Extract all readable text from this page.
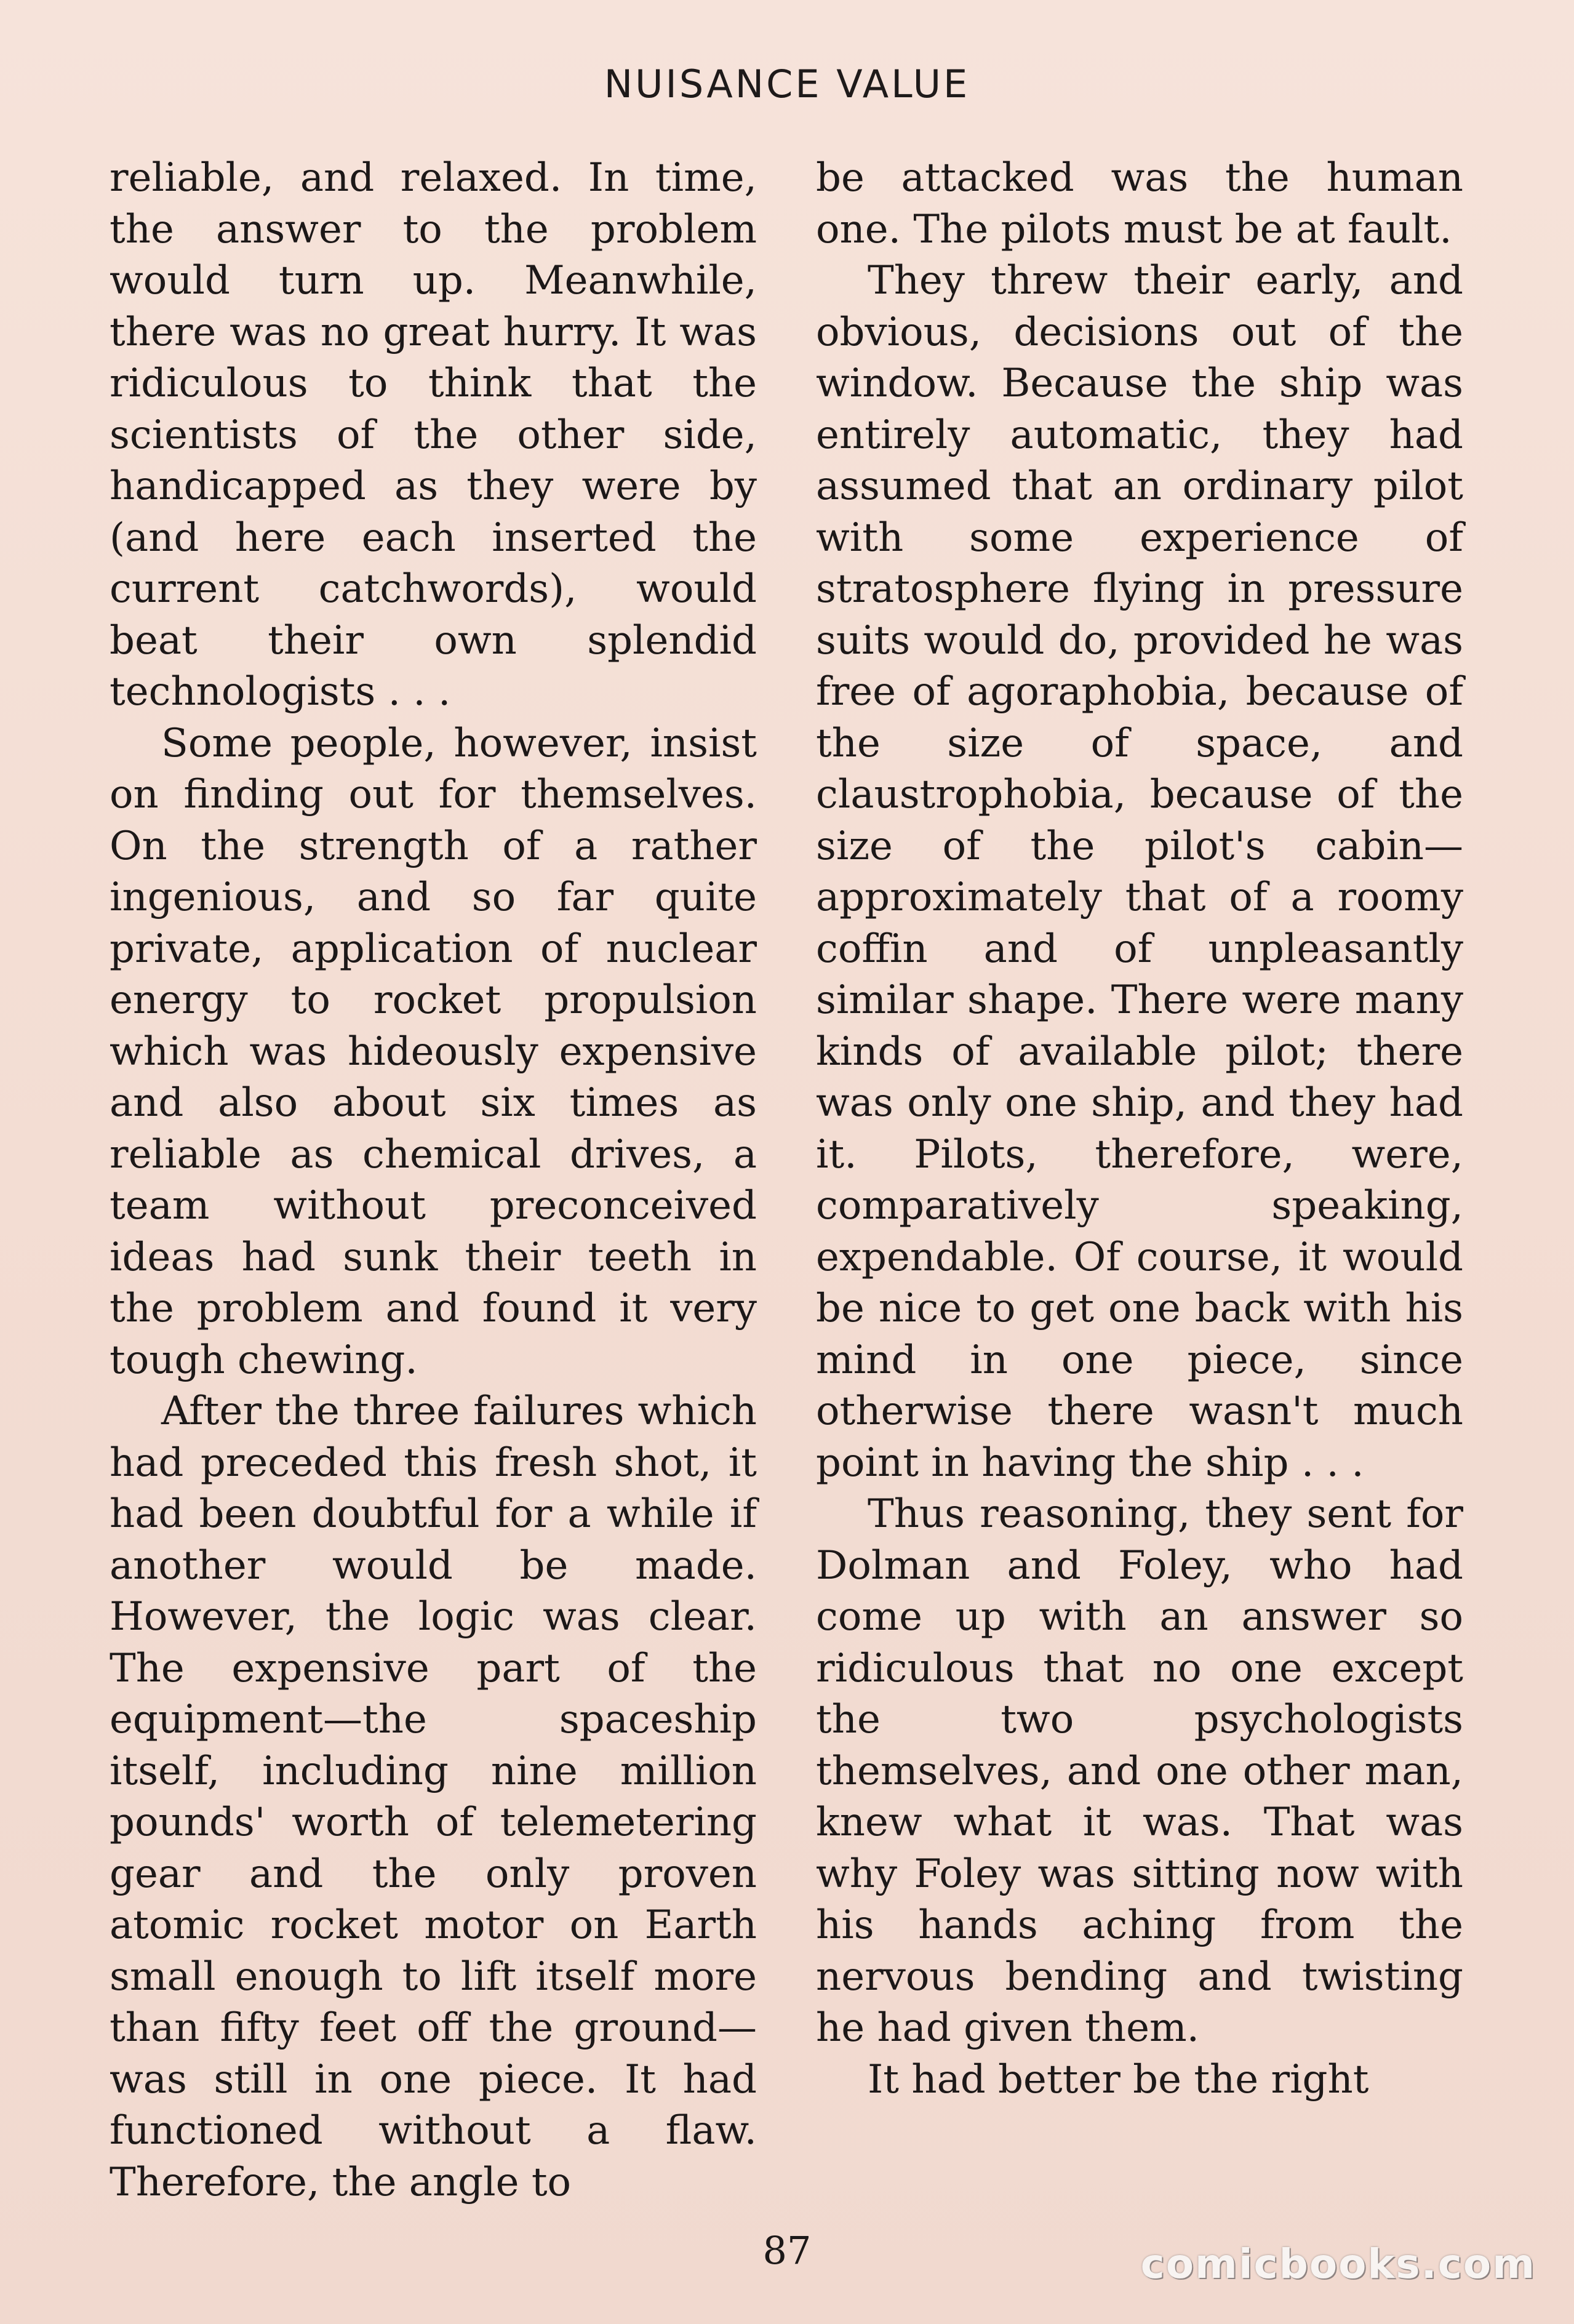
NUISANCE VALUE

reliable, and relaxed. In time, the answer to the problem would turn up. Meanwhile, there was no great hurry. It was ridiculous to think that the scientists of the other side, handicapped as they were by (and here each inserted the current catchwords), would beat their own splendid technologists . . .

Some people, however, insist on finding out for themselves. On the strength of a rather ingenious, and so far quite private, application of nuclear energy to rocket propulsion which was hideously expensive and also about six times as reliable as chemical drives, a team without preconceived ideas had sunk their teeth in the problem and found it very tough chewing.

After the three failures which had preceded this fresh shot, it had been doubtful for a while if another would be made. However, the logic was clear. The expensive part of the equipment—the spaceship itself, including nine million pounds' worth of telemetering gear and the only proven atomic rocket motor on Earth small enough to lift itself more than fifty feet off the ground—was still in one piece. It had functioned without a flaw. Therefore, the angle to

be attacked was the human one. The pilots must be at fault.

They threw their early, and obvious, decisions out of the window. Because the ship was entirely automatic, they had assumed that an ordinary pilot with some experience of stratosphere flying in pressure suits would do, provided he was free of agoraphobia, because of the size of space, and claustrophobia, because of the size of the pilot's cabin—approximately that of a roomy coffin and of unpleasantly similar shape. There were many kinds of available pilot; there was only one ship, and they had it. Pilots, therefore, were, comparatively speaking, expendable. Of course, it would be nice to get one back with his mind in one piece, since otherwise there wasn't much point in having the ship . . .

Thus reasoning, they sent for Dolman and Foley, who had come up with an answer so ridiculous that no one except the two psychologists themselves, and one other man, knew what it was. That was why Foley was sitting now with his hands aching from the nervous bending and twisting he had given them.

It had better be the right

87	comicbooks.com
